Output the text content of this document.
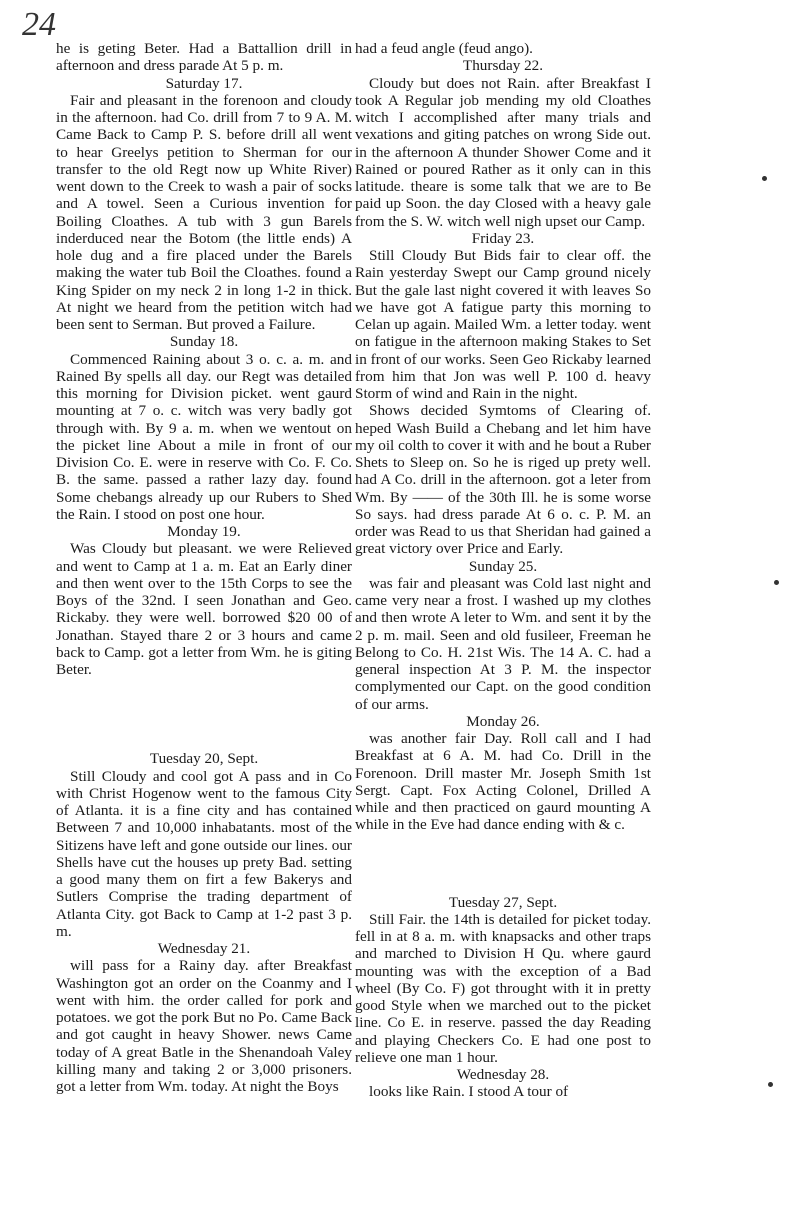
24

he is geting Beter. Had a Battallion drill in afternoon and dress parade At 5 p. m.

Saturday 17.

Fair and pleasant in the forenoon and cloudy in the afternoon. had Co. drill from 7 to 9 A. M. Came Back to Camp P. S. before drill all went to hear Greelys petition to Sherman for our transfer to the old Regt now up White River) went down to the Creek to wash a pair of socks and A towel. Seen a Curious invention for Boiling Cloathes. A tub with 3 gun Barels inderduced near the Botom (the little ends) A hole dug and a fire placed under the Barels making the water tub Boil the Cloathes. found a King Spider on my neck 2 in long 1-2 in thick. At night we heard from the petition witch had been sent to Serman. But proved a Failure.

Sunday 18.

Commenced Raining about 3 o. c. a. m. and Rained By spells all day. our Regt was detailed this morning for Division picket. went gaurd mounting at 7 o. c. witch was very badly got through with. By 9 a. m. when we wentout on the picket line About a mile in front of our Division Co. E. were in reserve with Co. F. Co. B. the same. passed a rather lazy day. found Some chebangs already up our Rubers to Shed the Rain. I stood on post one hour.

Monday 19.

Was Cloudy but pleasant. we were Relieved and went to Camp at 1 a. m. Eat an Early diner and then went over to the 15th Corps to see the Boys of the 32nd. I seen Jonathan and Geo. Rickaby. they were well. borrowed $20 00 of Jonathan. Stayed thare 2 or 3 hours and came back to Camp. got a letter from Wm. he is giting Beter.

Tuesday 20, Sept.

Still Cloudy and cool got A pass and in Co with Christ Hogenow went to the famous City of Atlanta. it is a fine city and has contained Between 7 and 10,000 inhabatants. most of the Sitizens have left and gone outside our lines. our Shells have cut the houses up prety Bad. setting a good many them on firt a few Bakerys and Sutlers Comprise the trading department of Atlanta City. got Back to Camp at 1-2 past 3 p. m.

Wednesday 21.

will pass for a Rainy day. after Breakfast Washington got an order on the Coanmy and I went with him. the order called for pork and potatoes. we got the pork But no Po. Came Back and got caught in heavy Shower. news Came today of A great Batle in the Shenandoah Valey killing many and taking 2 or 3,000 prisoners. got a letter from Wm. today. At night the Boys

had a feud angle (feud ango).

Thursday 22.

Cloudy but does not Rain. after Breakfast I took A Regular job mending my old Cloathes witch I accomplished after many trials and vexations and giting patches on wrong Side out. in the afternoon A thunder Shower Come and it Rained or poured Rather as it only can in this latitude. theare is some talk that we are to Be paid up Soon. the day Closed with a heavy gale from the S. W. witch well nigh upset our Camp.

Friday 23.

Still Cloudy But Bids fair to clear off. the Rain yesterday Swept our Camp ground nicely But the gale last night covered it with leaves So we have got A fatigue party this morning to Celan up again. Mailed Wm. a letter today. went on fatigue in the afternoon making Stakes to Set in front of our works. Seen Geo Rickaby learned from him that Jon was well P. 100 d. heavy Storm of wind and Rain in the night.

Shows decided Symtoms of Clearing of. heped Wash Build a Chebang and let him have my oil colth to cover it with and he bout a Ruber Shets to Sleep on. So he is riged up prety well. had A Co. drill in the afternoon. got a leter from Wm. By —— of the 30th Ill. he is some worse So says. had dress parade At 6 o. c. P. M. an order was Read to us that Sheridan had gained a great victory over Price and Early.

Sunday 25.

was fair and pleasant was Cold last night and came very near a frost. I washed up my clothes and then wrote A leter to Wm. and sent it by the 2 p. m. mail. Seen and old fusileer, Freeman he Belong to Co. H. 21st Wis. The 14 A. C. had a general inspection At 3 P. M. the inspector complymented our Capt. on the good condition of our arms.

Monday 26.

was another fair Day. Roll call and I had Breakfast at 6 A. M. had Co. Drill in the Forenoon. Drill master Mr. Joseph Smith 1st Sergt. Capt. Fox Acting Colonel, Drilled A while and then practiced on gaurd mounting A while in the Eve had dance ending with & c.

Tuesday 27, Sept.

Still Fair. the 14th is detailed for picket today. fell in at 8 a. m. with knapsacks and other traps and marched to Division H Qu. where gaurd mounting was with the exception of a Bad wheel (By Co. F) got throught with it in pretty good Style when we marched out to the picket line. Co E. in reserve. passed the day Reading and playing Checkers Co. E had one post to relieve one man 1 hour.

Wednesday 28.

looks like Rain. I stood A tour of
